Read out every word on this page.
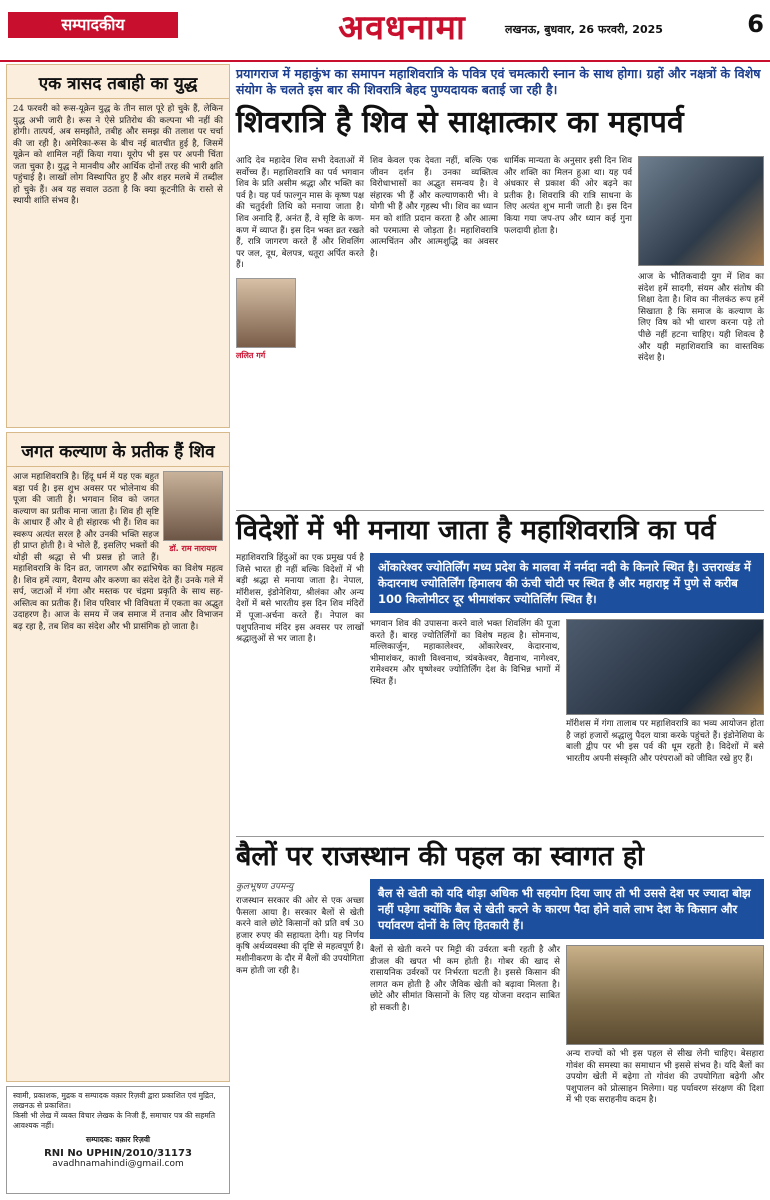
सम्पादकीय	अवधनामा	लखनऊ, बुधवार, 26 फरवरी, 2025	6
एक त्रासद तबाही का युद्ध

24 फरवरी को रूस-यूक्रेन युद्ध के तीन साल पूरे हो चुके हैं, लेकिन युद्ध अभी जारी है। रूस ने ऐसे प्रतिरोध की कल्पना भी नहीं की होगी। तात्पर्य, अब समझौते, तबीह और समझ की तलाश पर चर्चा की जा रही है। अमेरिका-रूस के बीच नई बातचीत हुई है, जिसमें यूक्रेन को शामिल नहीं किया गया। यूरोप भी इस पर अपनी चिंता जता चुका है। युद्ध ने मानवीय और आर्थिक दोनों तरह की भारी क्षति पहुंचाई है। लाखों लोग विस्थापित हुए हैं और शहर मलबे में तब्दील हो चुके हैं। अब यह सवाल उठता है कि क्या कूटनीति के रास्ते से स्थायी शांति संभव है।

जगत कल्याण के प्रतीक हैं शिव
डॉ. राम नारायण

आज महाशिवरात्रि है। हिंदू धर्म में यह एक बहुत बड़ा पर्व है। इस शुभ अवसर पर भोलेनाथ की पूजा की जाती है। भगवान शिव को जगत कल्याण का प्रतीक माना जाता है। शिव ही सृष्टि के आधार हैं और वे ही संहारक भी हैं। शिव का स्वरूप अत्यंत सरल है और उनकी भक्ति सहज ही प्राप्त होती है। वे भोले हैं, इसलिए भक्तों की थोड़ी सी श्रद्धा से भी प्रसन्न हो जाते हैं। महाशिवरात्रि के दिन व्रत, जागरण और रुद्राभिषेक का विशेष महत्व है। शिव हमें त्याग, वैराग्य और करुणा का संदेश देते हैं। उनके गले में सर्प, जटाओं में गंगा और मस्तक पर चंद्रमा प्रकृति के साथ सह-अस्तित्व का प्रतीक हैं। शिव परिवार भी विविधता में एकता का अद्भुत उदाहरण है। आज के समय में जब समाज में तनाव और विभाजन बढ़ रहा है, तब शिव का संदेश और भी प्रासंगिक हो जाता है।

स्वामी, प्रकाशक, मुद्रक व सम्पादक वक़ार रिज़वी द्वारा प्रकाशित एवं मुद्रित, लखनऊ से प्रकाशित।

किसी भी लेख में व्यक्त विचार लेखक के निजी हैं, समाचार पत्र की सहमति आवश्यक नहीं।

सम्पादक: वक़ार रिज़वी

RNI No UPHIN/2010/31173

avadhnamahindi@gmail.com

प्रयागराज में महाकुंभ का समापन महाशिवरात्रि के पवित्र एवं चमत्कारी स्नान के साथ होगा। ग्रहों और नक्षत्रों के विशेष संयोग के चलते इस बार की शिवरात्रि बेहद पुण्यदायक बताई जा रही है।
शिवरात्रि है शिव से साक्षात्कार का महापर्व

आदि देव महादेव शिव सभी देवताओं में सर्वोच्च हैं। महाशिवरात्रि का पर्व भगवान शिव के प्रति असीम श्रद्धा और भक्ति का पर्व है। यह पर्व फाल्गुन मास के कृष्ण पक्ष की चतुर्दशी तिथि को मनाया जाता है। शिव अनादि हैं, अनंत हैं, वे सृष्टि के कण-कण में व्याप्त हैं। इस दिन भक्त व्रत रखते हैं, रात्रि जागरण करते हैं और शिवलिंग पर जल, दूध, बेलपत्र, धतूरा अर्पित करते हैं।

ललित गर्ग

शिव केवल एक देवता नहीं, बल्कि एक जीवन दर्शन हैं। उनका व्यक्तित्व विरोधाभासों का अद्भुत समन्वय है। वे संहारक भी हैं और कल्याणकारी भी। वे योगी भी हैं और गृहस्थ भी। शिव का ध्यान मन को शांति प्रदान करता है और आत्मा को परमात्मा से जोड़ता है। महाशिवरात्रि आत्मचिंतन और आत्मशुद्धि का अवसर है।

धार्मिक मान्यता के अनुसार इसी दिन शिव और शक्ति का मिलन हुआ था। यह पर्व अंधकार से प्रकाश की ओर बढ़ने का प्रतीक है। शिवरात्रि की रात्रि साधना के लिए अत्यंत शुभ मानी जाती है। इस दिन किया गया जप-तप और ध्यान कई गुना फलदायी होता है।

आज के भौतिकवादी युग में शिव का संदेश हमें सादगी, संयम और संतोष की शिक्षा देता है। शिव का नीलकंठ रूप हमें सिखाता है कि समाज के कल्याण के लिए विष को भी धारण करना पड़े तो पीछे नहीं हटना चाहिए। यही शिवत्व है और यही महाशिवरात्रि का वास्तविक संदेश है।

विदेशों में भी मनाया जाता है महाशिवरात्रि का पर्व

महाशिवरात्रि हिंदुओं का एक प्रमुख पर्व है जिसे भारत ही नहीं बल्कि विदेशों में भी बड़ी श्रद्धा से मनाया जाता है। नेपाल, मॉरीशस, इंडोनेशिया, श्रीलंका और अन्य देशों में बसे भारतीय इस दिन शिव मंदिरों में पूजा-अर्चना करते हैं। नेपाल का पशुपतिनाथ मंदिर इस अवसर पर लाखों श्रद्धालुओं से भर जाता है।

ओंकारेश्वर ज्योतिर्लिंग मध्य प्रदेश के मालवा में नर्मदा नदी के किनारे स्थित है। उत्तराखंड में केदारनाथ ज्योतिर्लिंग हिमालय की ऊंची चोटी पर स्थित है और महाराष्ट्र में पुणे से करीब 100 किलोमीटर दूर भीमाशंकर ज्योतिर्लिंग स्थित है।

भगवान शिव की उपासना करने वाले भक्त शिवलिंग की पूजा करते हैं। बारह ज्योतिर्लिंगों का विशेष महत्व है। सोमनाथ, मल्लिकार्जुन, महाकालेश्वर, ओंकारेश्वर, केदारनाथ, भीमाशंकर, काशी विश्वनाथ, त्र्यंबकेश्वर, वैद्यनाथ, नागेश्वर, रामेश्वरम और घृष्णेश्वर ज्योतिर्लिंग देश के विभिन्न भागों में स्थित हैं।

मॉरीशस में गंगा तालाब पर महाशिवरात्रि का भव्य आयोजन होता है जहां हजारों श्रद्धालु पैदल यात्रा करके पहुंचते हैं। इंडोनेशिया के बाली द्वीप पर भी इस पर्व की धूम रहती है। विदेशों में बसे भारतीय अपनी संस्कृति और परंपराओं को जीवित रखे हुए हैं।

बैलों पर राजस्थान की पहल का स्वागत हो
कुलभूषण उपमन्यु

राजस्थान सरकार की ओर से एक अच्छा फैसला आया है। सरकार बैलों से खेती करने वाले छोटे किसानों को प्रति वर्ष 30 हजार रुपए की सहायता देगी। यह निर्णय कृषि अर्थव्यवस्था की दृष्टि से महत्वपूर्ण है। मशीनीकरण के दौर में बैलों की उपयोगिता कम होती जा रही है।

बैल से खेती को यदि थोड़ा अधिक भी सहयोग दिया जाए तो भी उससे देश पर ज्यादा बोझ नहीं पड़ेगा क्योंकि बैल से खेती करने के कारण पैदा होने वाले लाभ देश के किसान और पर्यावरण दोनों के लिए हितकारी हैं।

बैलों से खेती करने पर मिट्टी की उर्वरता बनी रहती है और डीजल की खपत भी कम होती है। गोबर की खाद से रासायनिक उर्वरकों पर निर्भरता घटती है। इससे किसान की लागत कम होती है और जैविक खेती को बढ़ावा मिलता है। छोटे और सीमांत किसानों के लिए यह योजना वरदान साबित हो सकती है।

अन्य राज्यों को भी इस पहल से सीख लेनी चाहिए। बेसहारा गोवंश की समस्या का समाधान भी इससे संभव है। यदि बैलों का उपयोग खेती में बढ़ेगा तो गोवंश की उपयोगिता बढ़ेगी और पशुपालन को प्रोत्साहन मिलेगा। यह पर्यावरण संरक्षण की दिशा में भी एक सराहनीय कदम है।
